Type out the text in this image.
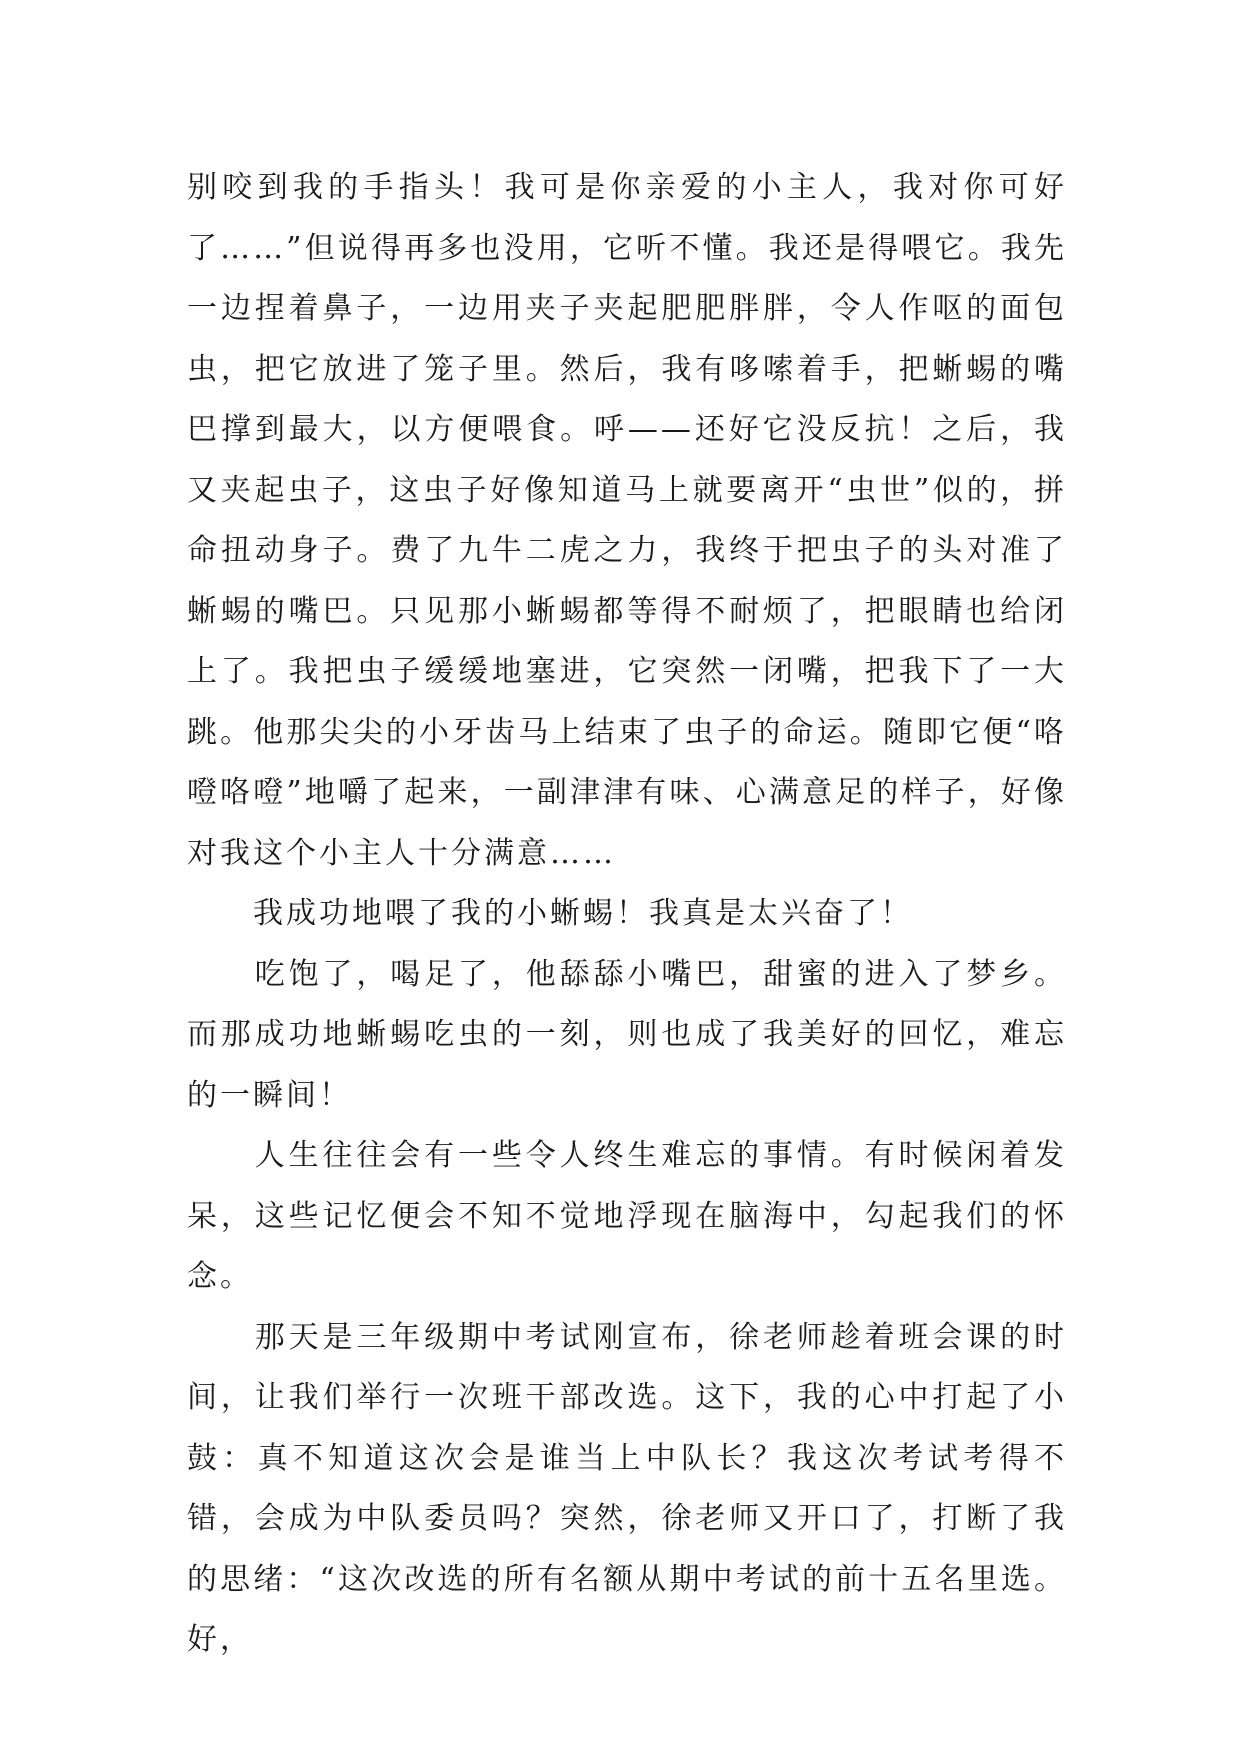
别咬到我的手指头！我可是你亲爱的小主人，我对你可好了……”但说得再多也没用，它听不懂。我还是得喂它。我先一边捏着鼻子，一边用夹子夹起肥肥胖胖，令人作呕的面包虫，把它放进了笼子里。然后，我有哆嗦着手，把蜥蜴的嘴巴撑到最大，以方便喂食。呼——还好它没反抗！之后，我又夹起虫子，这虫子好像知道马上就要离开“虫世”似的，拼命扭动身子。费了九牛二虎之力，我终于把虫子的头对准了蜥蜴的嘴巴。只见那小蜥蜴都等得不耐烦了，把眼睛也给闭上了。我把虫子缓缓地塞进，它突然一闭嘴，把我下了一大跳。他那尖尖的小牙齿马上结束了虫子的命运。随即它便“咯噔咯噔”地嚼了起来，一副津津有味、心满意足的样子，好像对我这个小主人十分满意……

　　我成功地喂了我的小蜥蜴！我真是太兴奋了！

　　吃饱了，喝足了，他舔舔小嘴巴，甜蜜的进入了梦乡。而那成功地蜥蜴吃虫的一刻，则也成了我美好的回忆，难忘的一瞬间！

　　人生往往会有一些令人终生难忘的事情。有时候闲着发呆，这些记忆便会不知不觉地浮现在脑海中，勾起我们的怀念。

　　那天是三年级期中考试刚宣布，徐老师趁着班会课的时间，让我们举行一次班干部改选。这下，我的心中打起了小鼓：真不知道这次会是谁当上中队长？我这次考试考得不错，会成为中队委员吗？突然，徐老师又开口了，打断了我的思绪：“这次改选的所有名额从期中考试的前十五名里选。好，
